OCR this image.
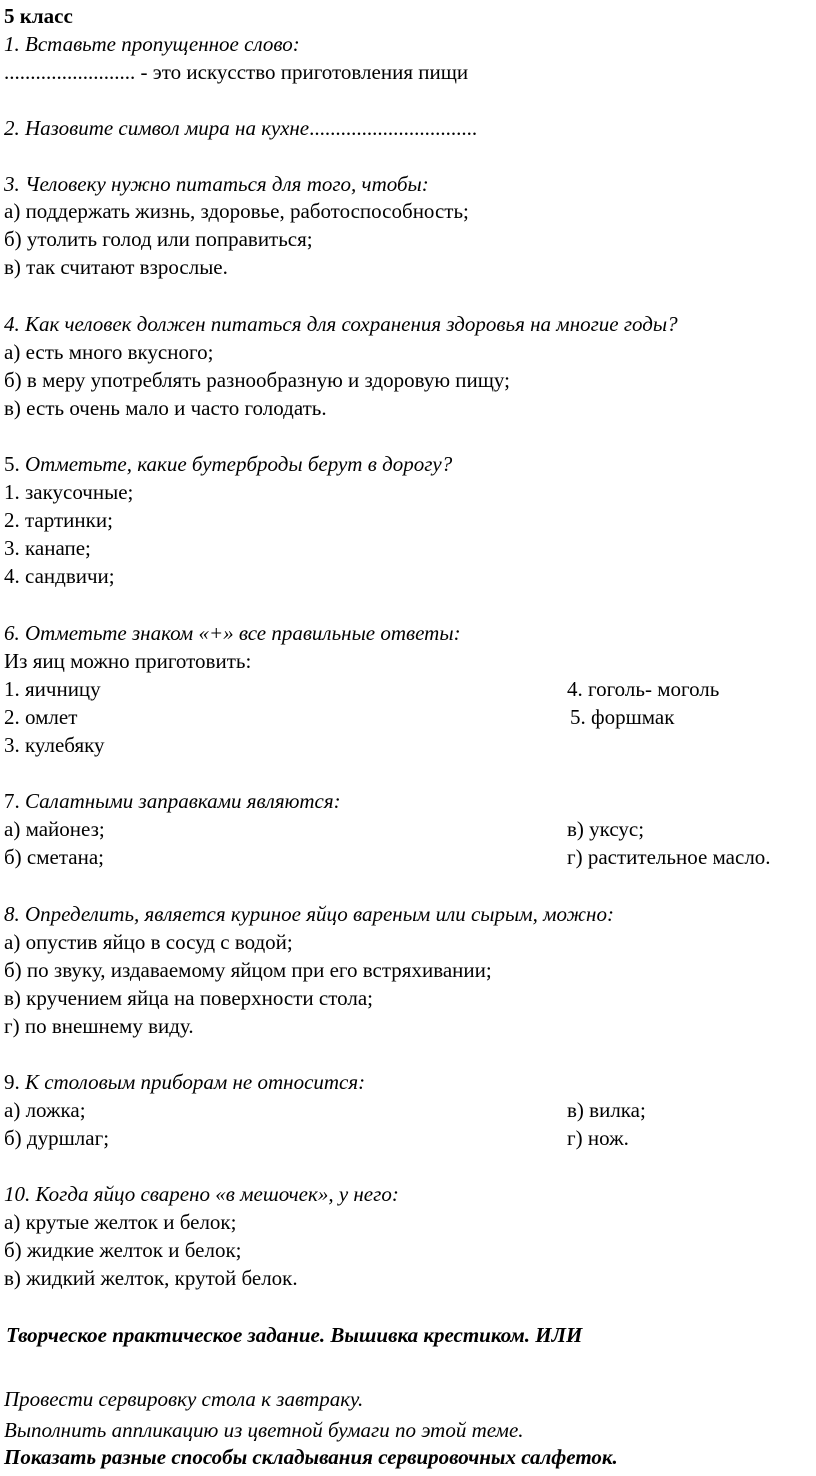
5 класс
1. Вставьте пропущенное слово:
......................... - это искусство приготовления пищи
2. Назовите символ мира на кухне................................
3. Человеку нужно питаться для того, чтобы:
а) поддержать жизнь, здоровье, работоспособность;
б) утолить голод или поправиться;
в) так считают взрослые.
4. Как человек должен питаться для сохранения здоровья на многие годы?
а) есть много вкусного;
б) в меру употреблять разнообразную и здоровую пищу;
в) есть очень мало и часто голодать.
5. Отметьте, какие бутерброды берут в дорогу?
1. закусочные;
2. тартинки;
3. канапе;
4. сандвичи;
6. Отметьте знаком «+» все правильные ответы:
Из яиц можно приготовить:
1. яичницу	4. гоголь- моголь
2. омлет	5. форшмак
3. кулебяку
7. Салатными заправками являются:
а) майонез;	в) уксус;
б) сметана;	г) растительное масло.
8. Определить, является куриное яйцо вареным или сырым, можно:
а) опустив яйцо в сосуд с водой;
б) по звуку, издаваемому яйцом при его встряхивании;
в) кручением яйца на поверхности стола;
г) по внешнему виду.
9. К столовым приборам не относится:
а) ложка;	в) вилка;
б) дуршлаг;	г) нож.
10. Когда яйцо сварено «в мешочек», у него:
а) крутые желток и белок;
б) жидкие желток и белок;
в) жидкий желток, крутой белок.
Творческое практическое задание. Вышивка крестиком. ИЛИ
Провести сервировку стола к завтраку.
Выполнить аппликацию из цветной бумаги по этой теме.
Показать разные способы складывания сервировочных салфеток.
